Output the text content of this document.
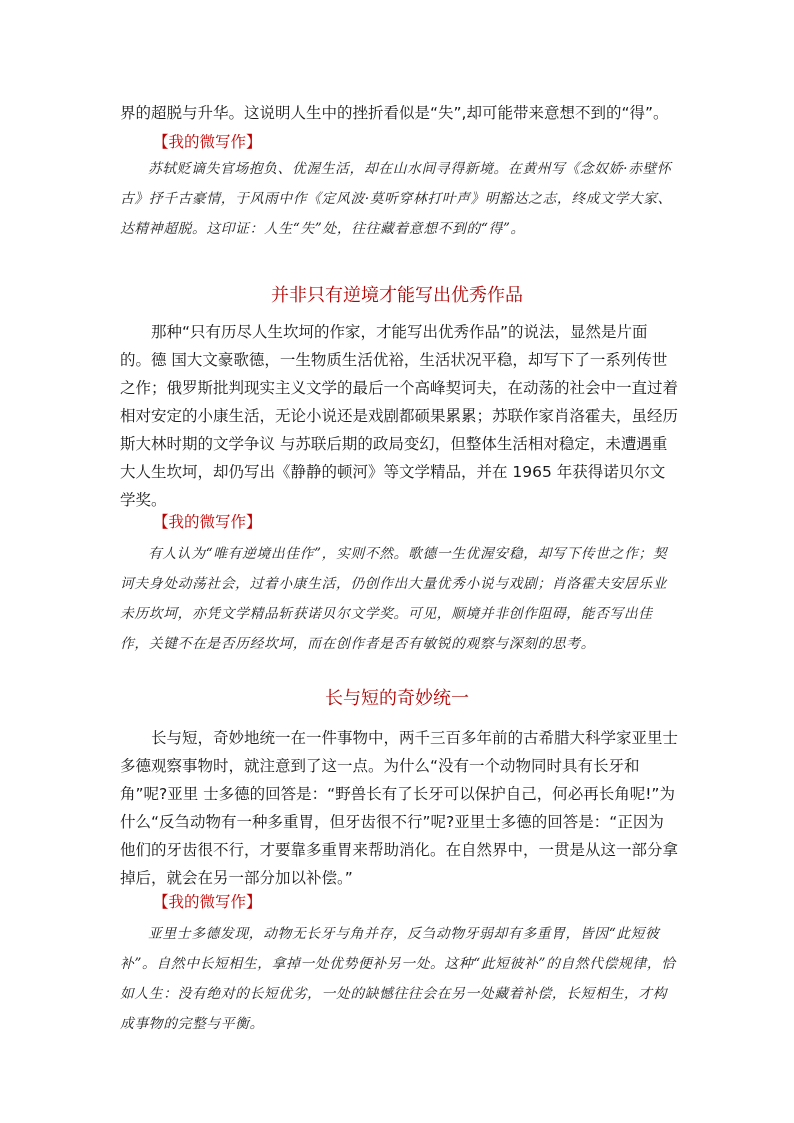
界的超脱与升华。这说明人生中的挫折看似是“失”,却可能带来意想不到的“得”。

【我的微写作】

苏轼贬谪失官场抱负、优渥生活，却在山水间寻得新境。在黄州写《念奴娇·赤壁怀古》抒千古豪情，于风雨中作《定风波·莫听穿林打叶声》明豁达之志，终成文学大家、达精神超脱。这印证：人生“失”处，往往藏着意想不到的“得”。

并非只有逆境才能写出优秀作品

那种“只有历尽人生坎坷的作家，才能写出优秀作品”的说法，显然是片面的。德 国大文豪歌德，一生物质生活优裕，生活状况平稳，却写下了一系列传世之作；俄罗斯批判现实主义文学的最后一个高峰契诃夫，在动荡的社会中一直过着相对安定的小康生活，无论小说还是戏剧都硕果累累；苏联作家肖洛霍夫，虽经历斯大林时期的文学争议 与苏联后期的政局变幻，但整体生活相对稳定，未遭遇重大人生坎坷，却仍写出《静静的顿河》等文学精品，并在 1965 年获得诺贝尔文学奖。

【我的微写作】

有人认为“唯有逆境出佳作”，实则不然。歌德一生优渥安稳，却写下传世之作；契诃夫身处动荡社会，过着小康生活，仍创作出大量优秀小说与戏剧；肖洛霍夫安居乐业未历坎坷，亦凭文学精品斩获诺贝尔文学奖。可见，顺境并非创作阻碍，能否写出佳作，关键不在是否历经坎坷，而在创作者是否有敏锐的观察与深刻的思考。

长与短的奇妙统一

长与短，奇妙地统一在一件事物中，两千三百多年前的古希腊大科学家亚里士多德观察事物时，就注意到了这一点。为什么“没有一个动物同时具有长牙和角”呢?亚里 士多德的回答是：“野兽长有了长牙可以保护自己，何必再长角呢!”为什么“反刍动物有一种多重胃，但牙齿很不行”呢?亚里士多德的回答是：“正因为他们的牙齿很不行，才要靠多重胃来帮助消化。在自然界中，一贯是从这一部分拿掉后，就会在另一部分加以补偿。”

【我的微写作】

亚里士多德发现，动物无长牙与角并存，反刍动物牙弱却有多重胃，皆因“此短彼 补”。自然中长短相生，拿掉一处优势便补另一处。这种“此短彼补”的自然代偿规律，恰如人生：没有绝对的长短优劣，一处的缺憾往往会在另一处藏着补偿，长短相生，才构成事物的完整与平衡。
